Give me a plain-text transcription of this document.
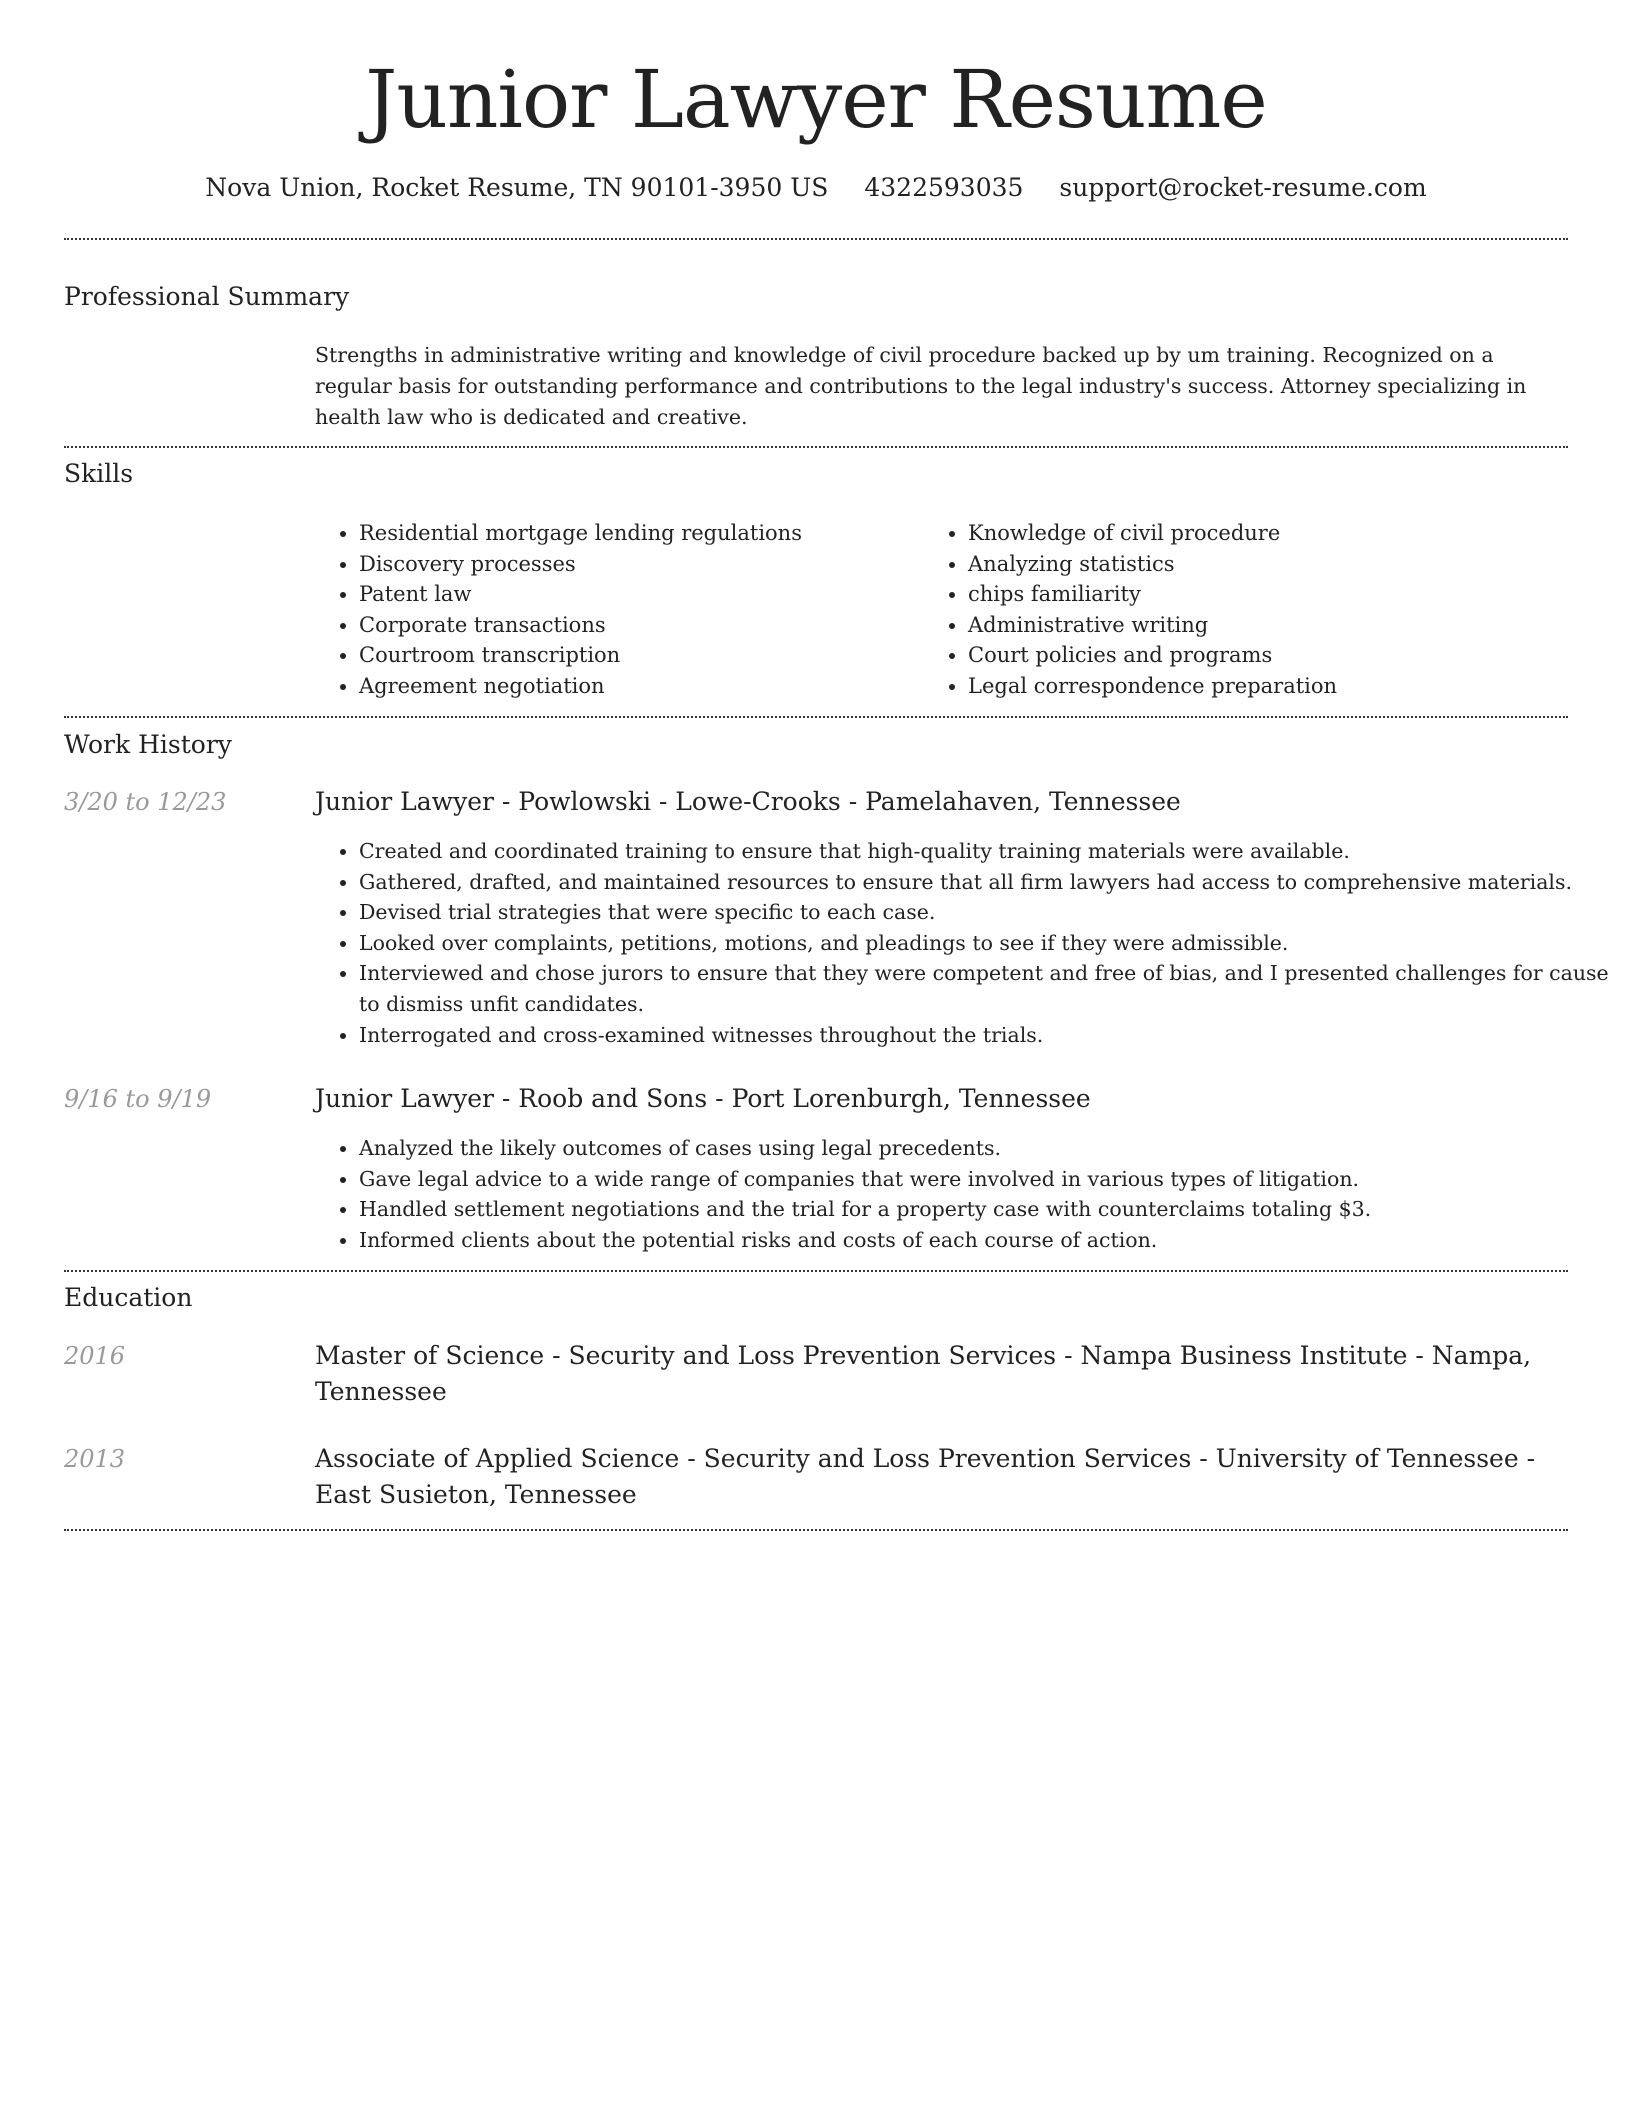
Junior Lawyer Resume
Nova Union, Rocket Resume, TN 90101-3950 US 4322593035 support@rocket-resume.com
Professional Summary

Strengths in administrative writing and knowledge of civil procedure backed up by um training. Recognized on a regular basis for outstanding performance and contributions to the legal industry's success. Attorney specializing in health law who is dedicated and creative.

Skills
• Residential mortgage lending regulations
• Discovery processes
• Patent law
• Corporate transactions
• Courtroom transcription
• Agreement negotiation
• Knowledge of civil procedure
• Analyzing statistics
• chips familiarity
• Administrative writing
• Court policies and programs
• Legal correspondence preparation
Work History
3/20 to 12/23	Junior Lawyer - Powlowski - Lowe-Crooks - Pamelahaven, Tennessee
• Created and coordinated training to ensure that high-quality training materials were available.
• Gathered, drafted, and maintained resources to ensure that all firm lawyers had access to comprehensive materials.
• Devised trial strategies that were specific to each case.
• Looked over complaints, petitions, motions, and pleadings to see if they were admissible.
• Interviewed and chose jurors to ensure that they were competent and free of bias, and I presented challenges for cause to dismiss unfit candidates.
• Interrogated and cross-examined witnesses throughout the trials.
9/16 to 9/19	Junior Lawyer - Roob and Sons - Port Lorenburgh, Tennessee
• Analyzed the likely outcomes of cases using legal precedents.
• Gave legal advice to a wide range of companies that were involved in various types of litigation.
• Handled settlement negotiations and the trial for a property case with counterclaims totaling $3.
• Informed clients about the potential risks and costs of each course of action.
Education
2016	Master of Science - Security and Loss Prevention Services - Nampa Business Institute - Nampa, Tennessee
2013	Associate of Applied Science - Security and Loss Prevention Services - University of Tennessee - East Susieton, Tennessee
